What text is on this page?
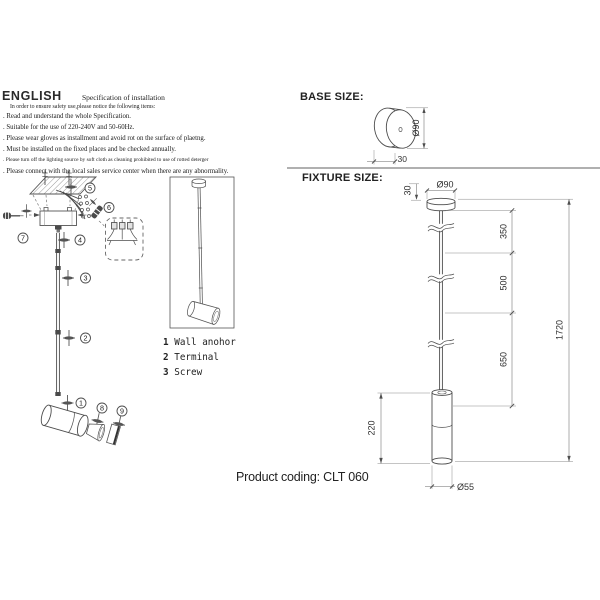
5
6
7	4
3
2
1
8 9
Ø90
30
350
500
650
1720
Ø90
30
220
Ø55
ENGLISH	Specification of installation
In order to ensure safety use,please notice the following items:
. Read and understand the whole Specification.
. Suitable for the use of 220-240V and 50-60Hz.
. Please wear gloves as installment and avoid rot on the surface of plaetng.
. Must be installed on the fixed places and be checked annually.
. Please turn off the lighting source by soft cloth as cleaning prohibited to use of rotted deterger
. Please connect with the local sales service center when there are any abnormality.
BASE SIZE:
FIXTURE SIZE:
1 Wall anohor
2 Terminal
3 Screw
Product coding: CLT 060
